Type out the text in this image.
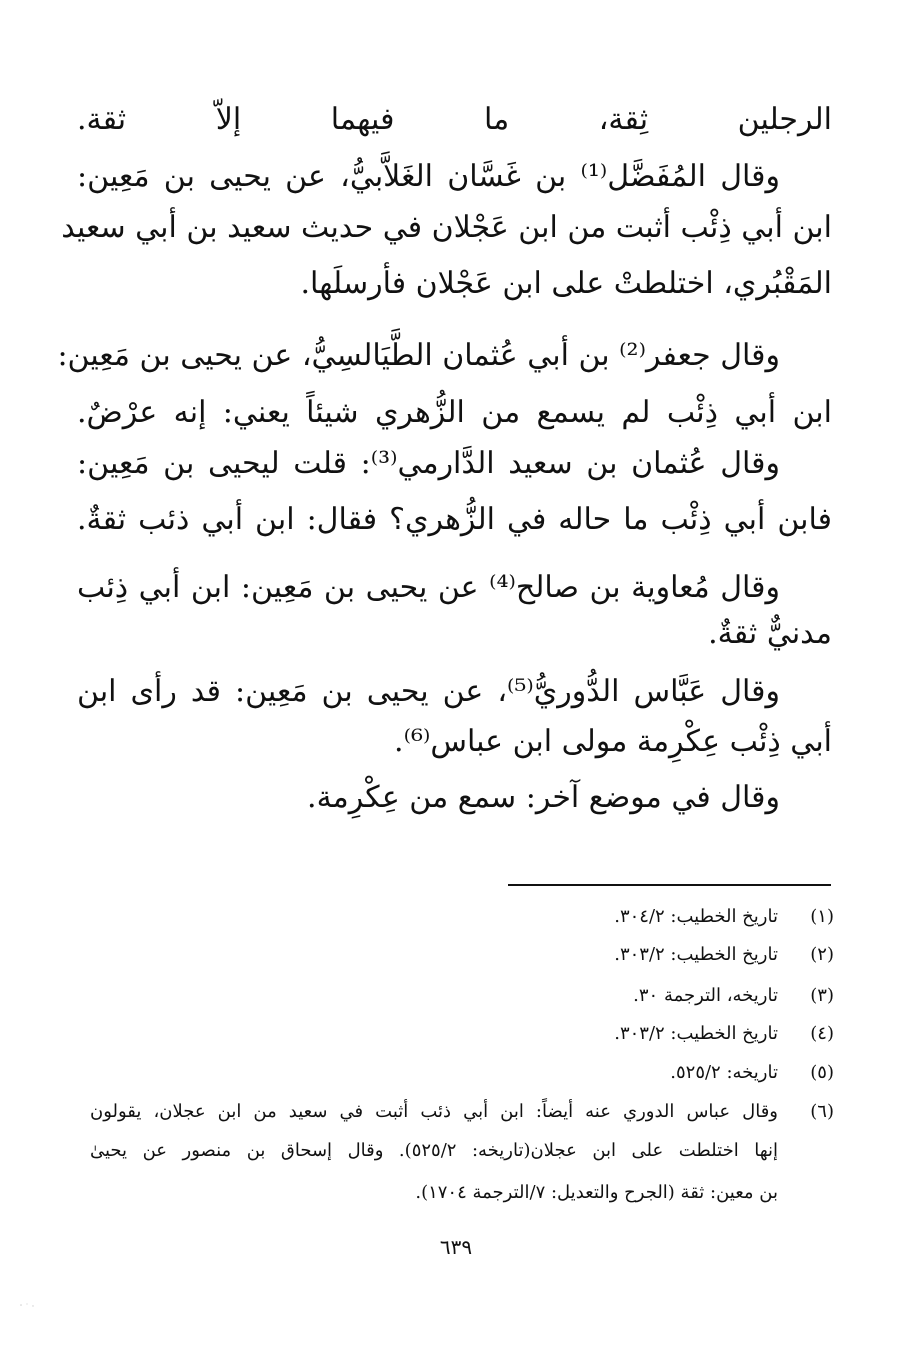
الرجلين ثِقة، ما فيهما إلاّ ثقة.
وقال المُفَضَّل⁽¹⁾ بن غَسَّان الغَلاَّبيُّ، عن يحيى بن مَعِين:
ابن أبي ذِئْب أثبت من ابن عَجْلان في حديث سعيد بن أبي سعيد
المَقْبُري، اختلطتْ على ابن عَجْلان فأرسلَها.
وقال جعفر⁽²⁾ بن أبي عُثمان الطَّيَالسِيُّ، عن يحيى بن مَعِين:
ابن أبي ذِئْب لم يسمع من الزُّهري شيئاً يعني: إنه عرْضٌ.
وقال عُثمان بن سعيد الدَّارمي⁽³⁾: قلت ليحيى بن مَعِين:
فابن أبي ذِئْب ما حاله في الزُّهري؟ فقال: ابن أبي ذئب ثقةٌ.
وقال مُعاوية بن صالح⁽⁴⁾ عن يحيى بن مَعِين: ابن أبي ذِئب
مدنيٌّ ثقةٌ.
وقال عَبَّاس الدُّوريُّ⁽⁵⁾، عن يحيى بن مَعِين: قد رأى ابن
أبي ذِئْب عِكْرِمة مولى ابن عباس⁽⁶⁾.
وقال في موضع آخر: سمع من عِكْرِمة.
(١)
تاريخ الخطيب: ٣٠٤/٢.
(٢)
تاريخ الخطيب: ٣٠٣/٢.
(٣)
تاريخه، الترجمة ٣٠.
(٤)
تاريخ الخطيب: ٣٠٣/٢.
(٥)
تاريخه: ٥٢٥/٢.
(٦)
وقال عباس الدوري عنه أيضاً: ابن أبي ذئب أثبت في سعيد من ابن عجلان، يقولون
إنها اختلطت على ابن عجلان(تاريخه: ٥٢٥/٢). وقال إسحاق بن منصور عن يحيىٰ
بن معين: ثقة (الجرح والتعديل: ٧/الترجمة ١٧٠٤).
٦٣٩
